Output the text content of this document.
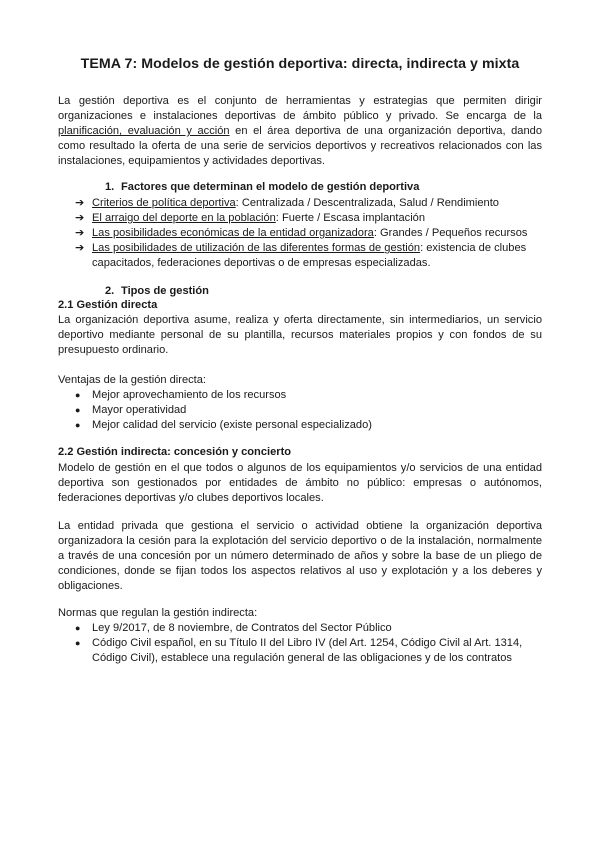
TEMA 7: Modelos de gestión deportiva: directa, indirecta y mixta

La gestión deportiva es el conjunto de herramientas y estrategias que permiten dirigir organizaciones e instalaciones deportivas de ámbito público y privado. Se encarga de la planificación, evaluación y acción en el área deportiva de una organización deportiva, dando como resultado la oferta de una serie de servicios deportivos y recreativos relacionados con las instalaciones, equipamientos y actividades deportivas.

1. Factores que determinan el modelo de gestión deportiva
➔ Criterios de política deportiva: Centralizada / Descentralizada, Salud / Rendimiento
➔ El arraigo del deporte en la población: Fuerte / Escasa implantación
➔ Las posibilidades económicas de la entidad organizadora: Grandes / Pequeños recursos
➔ Las posibilidades de utilización de las diferentes formas de gestión: existencia de clubes capacitados, federaciones deportivas o de empresas especializadas.
2. Tipos de gestión
2.1 Gestión directa

La organización deportiva asume, realiza y oferta directamente, sin intermediarios, un servicio deportivo mediante personal de su plantilla, recursos materiales propios y con fondos de su presupuesto ordinario.

Ventajas de la gestión directa:
● Mejor aprovechamiento de los recursos
● Mayor operatividad
● Mejor calidad del servicio (existe personal especializado)
2.2 Gestión indirecta: concesión y concierto

Modelo de gestión en el que todos o algunos de los equipamientos y/o servicios de una entidad deportiva son gestionados por entidades de ámbito no público: empresas o autónomos, federaciones deportivas y/o clubes deportivos locales.

La entidad privada que gestiona el servicio o actividad obtiene la organización deportiva organizadora la cesión para la explotación del servicio deportivo o de la instalación, normalmente a través de una concesión por un número determinado de años y sobre la base de un pliego de condiciones, donde se fijan todos los aspectos relativos al uso y explotación y a los deberes y obligaciones.

Normas que regulan la gestión indirecta:
● Ley 9/2017, de 8 noviembre, de Contratos del Sector Público
● Código Civil español, en su Título II del Libro IV (del Art. 1254, Código Civil al Art. 1314, Código Civil), establece una regulación general de las obligaciones y de los contratos
